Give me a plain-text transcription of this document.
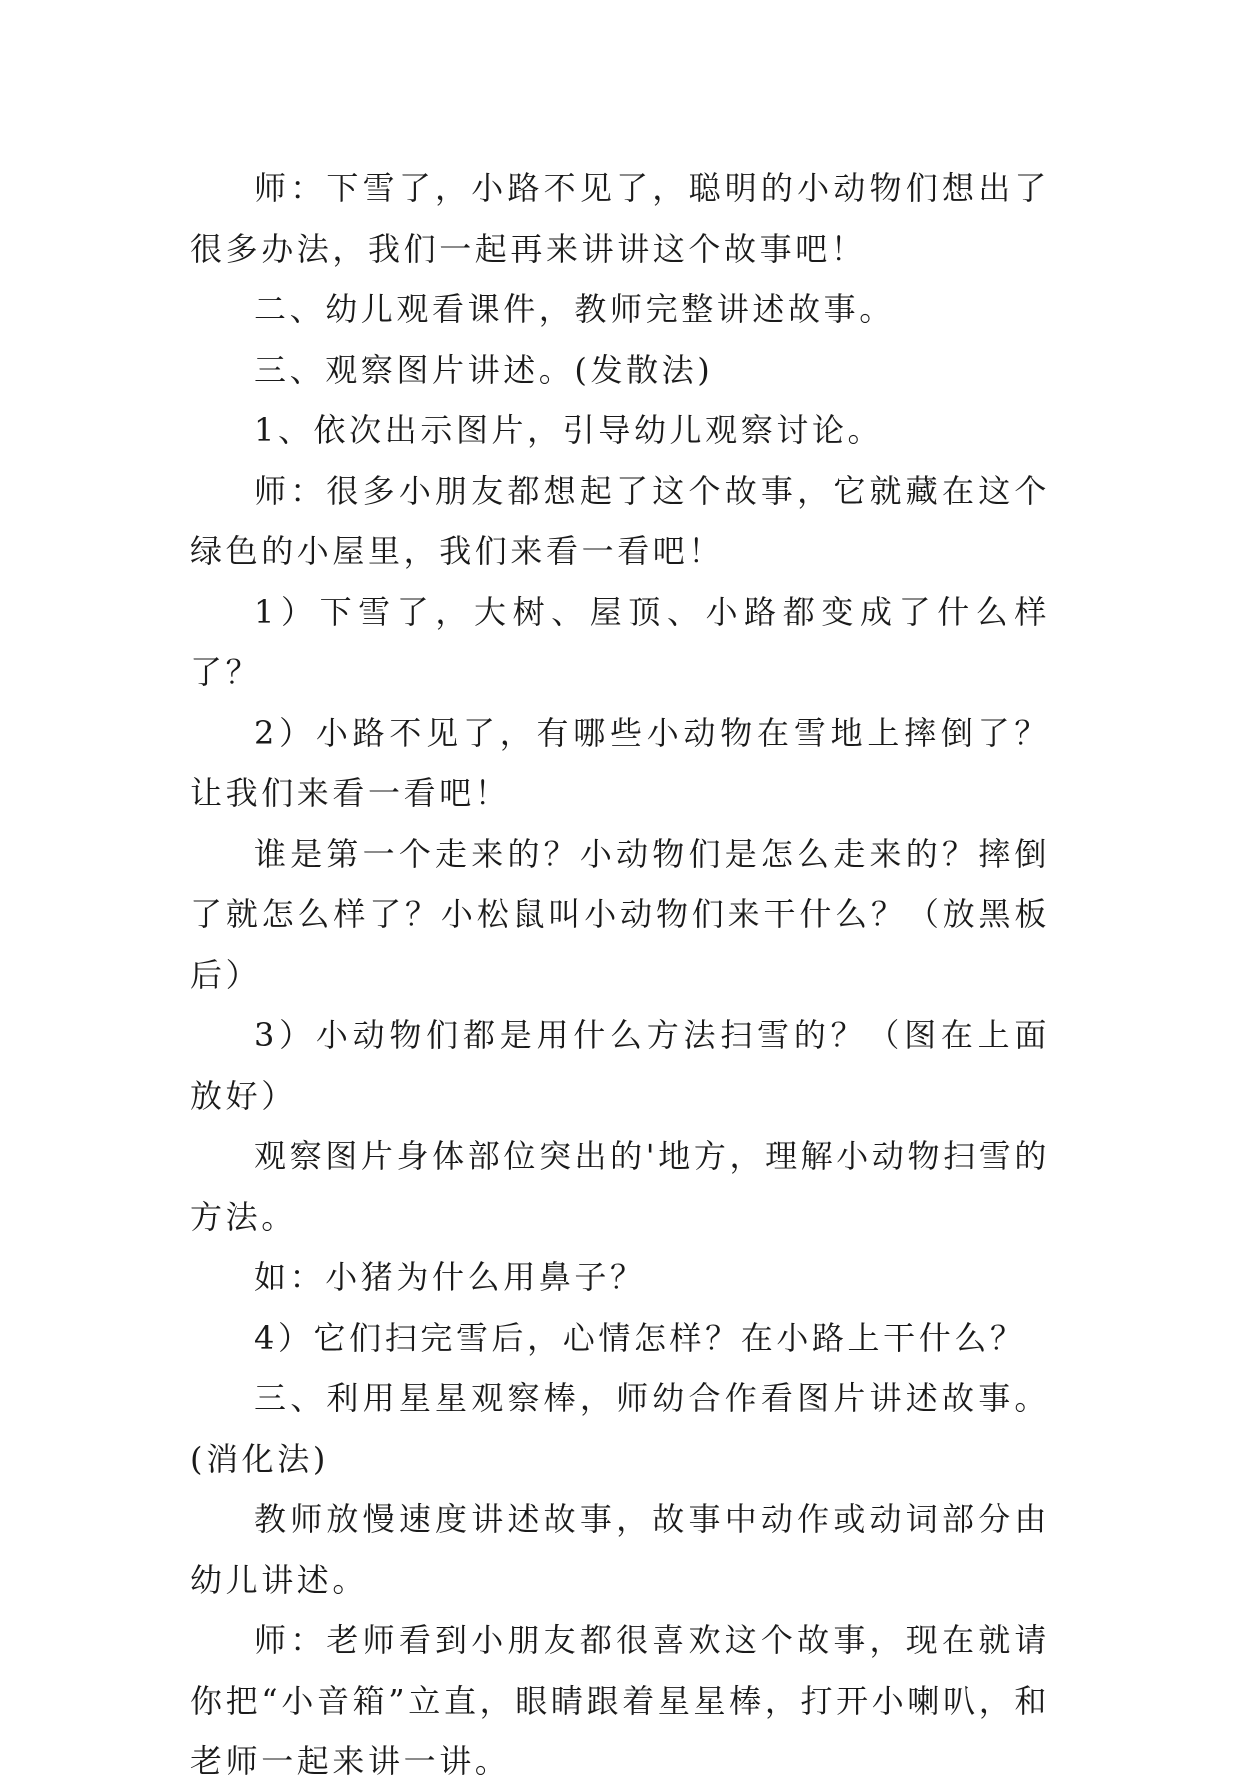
师：下雪了，小路不见了，聪明的小动物们想出了很多办法，我们一起再来讲讲这个故事吧！

二、幼儿观看课件，教师完整讲述故事。

三、观察图片讲述。(发散法)

1、依次出示图片，引导幼儿观察讨论。

师：很多小朋友都想起了这个故事，它就藏在这个绿色的小屋里，我们来看一看吧！

1）下雪了，大树、屋顶、小路都变成了什么样了？

2）小路不见了，有哪些小动物在雪地上摔倒了？让我们来看一看吧！

谁是第一个走来的？小动物们是怎么走来的？摔倒了就怎么样了？小松鼠叫小动物们来干什么？（放黑板后）

3）小动物们都是用什么方法扫雪的？（图在上面放好）

观察图片身体部位突出的'地方，理解小动物扫雪的方法。

如：小猪为什么用鼻子？

4）它们扫完雪后，心情怎样？在小路上干什么？

三、利用星星观察棒，师幼合作看图片讲述故事。(消化法)

教师放慢速度讲述故事，故事中动作或动词部分由幼儿讲述。

师：老师看到小朋友都很喜欢这个故事，现在就请你把“小音箱”立直，眼睛跟着星星棒，打开小喇叭，和老师一起来讲一讲。
